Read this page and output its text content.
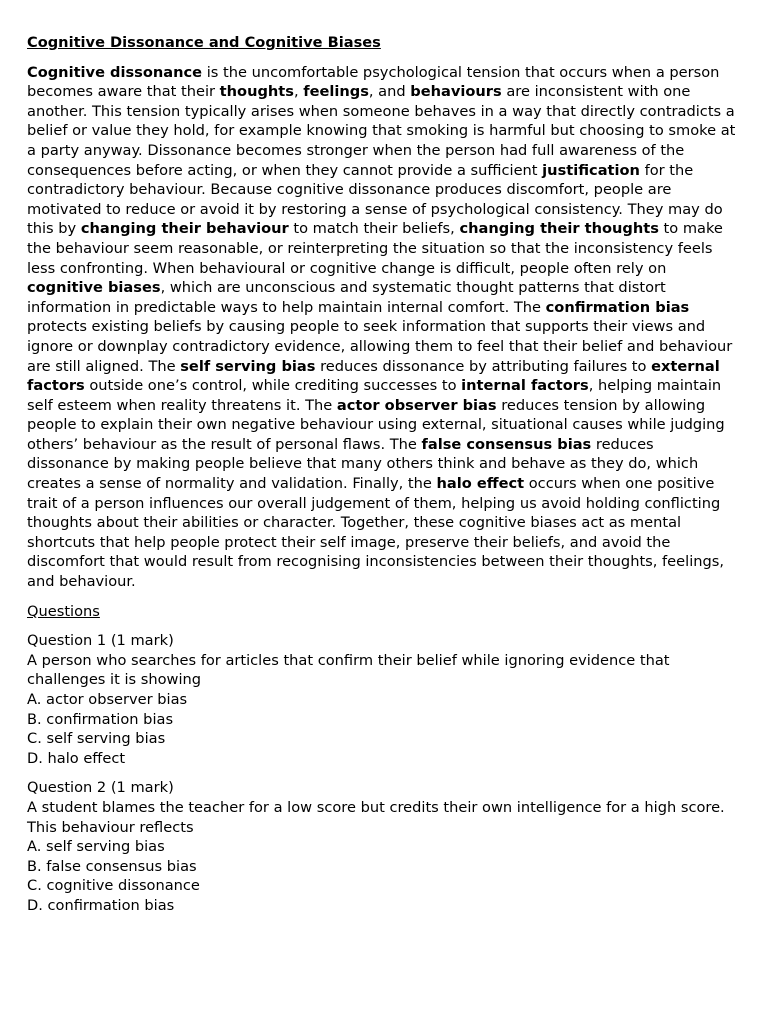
Cognitive Dissonance and Cognitive Biases

Cognitive dissonance is the uncomfortable psychological tension that occurs when a person becomes aware that their thoughts, feelings, and behaviours are inconsistent with one another. This tension typically arises when someone behaves in a way that directly contradicts a belief or value they hold, for example knowing that smoking is harmful but choosing to smoke at a party anyway. Dissonance becomes stronger when the person had full awareness of the consequences before acting, or when they cannot provide a sufficient justification for the contradictory behaviour. Because cognitive dissonance produces discomfort, people are motivated to reduce or avoid it by restoring a sense of psychological consistency. They may do this by changing their behaviour to match their beliefs, changing their thoughts to make the behaviour seem reasonable, or reinterpreting the situation so that the inconsistency feels less confronting. When behavioural or cognitive change is difficult, people often rely on cognitive biases, which are unconscious and systematic thought patterns that distort information in predictable ways to help maintain internal comfort. The confirmation bias protects existing beliefs by causing people to seek information that supports their views and ignore or downplay contradictory evidence, allowing them to feel that their belief and behaviour are still aligned. The self serving bias reduces dissonance by attributing failures to external factors outside one’s control, while crediting successes to internal factors, helping maintain self esteem when reality threatens it. The actor observer bias reduces tension by allowing people to explain their own negative behaviour using external, situational causes while judging others’ behaviour as the result of personal flaws. The false consensus bias reduces dissonance by making people believe that many others think and behave as they do, which creates a sense of normality and validation. Finally, the halo effect occurs when one positive trait of a person influences our overall judgement of them, helping us avoid holding conflicting thoughts about their abilities or character. Together, these cognitive biases act as mental shortcuts that help people protect their self image, preserve their beliefs, and avoid the discomfort that would result from recognising inconsistencies between their thoughts, feelings, and behaviour.

Questions
Question 1 (1 mark)
A person who searches for articles that confirm their belief while ignoring evidence that challenges it is showing
A. actor observer bias
B. confirmation bias
C. self serving bias
D. halo effect
Question 2 (1 mark)
A student blames the teacher for a low score but credits their own intelligence for a high score. This behaviour reflects
A. self serving bias
B. false consensus bias
C. cognitive dissonance
D. confirmation bias
